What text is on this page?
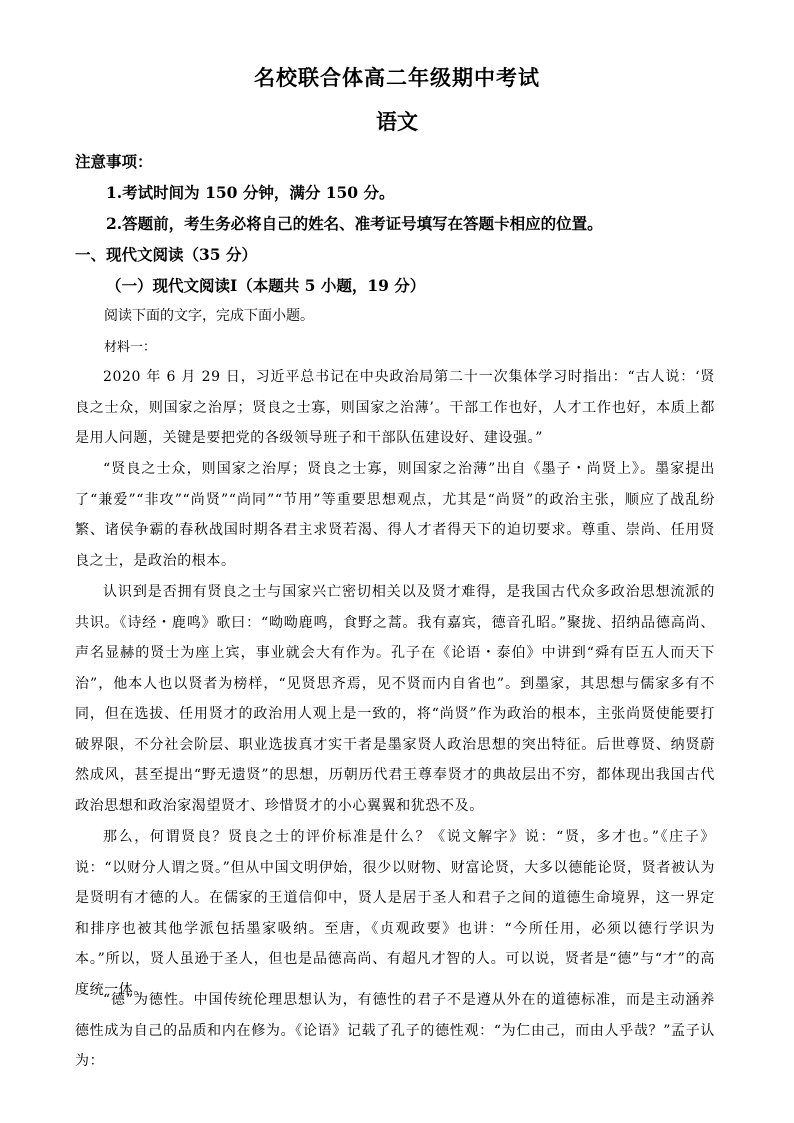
名校联合体高二年级期中考试
语文
注意事项：
1.考试时间为 150 分钟，满分 150 分。
2.答题前，考生务必将自己的姓名、准考证号填写在答题卡相应的位置。
一、现代文阅读（35 分）
（一）现代文阅读Ⅰ（本题共 5 小题，19 分）
阅读下面的文字，完成下面小题。
材料一：
2020 年 6 月 29 日，习近平总书记在中央政治局第二十一次集体学习时指出：“古人说：‘贤良之士众，则国家之治厚；贤良之士寡，则国家之治薄’。干部工作也好，人才工作也好，本质上都是用人问题，关键是要把党的各级领导班子和干部队伍建设好、建设强。”
“贤良之士众，则国家之治厚；贤良之士寡，则国家之治薄”出自《墨子・尚贤上》。墨家提出了“兼爱”“非攻”“尚贤”“尚同”“节用”等重要思想观点，尤其是“尚贤”的政治主张，顺应了战乱纷繁、诸侯争霸的春秋战国时期各君主求贤若渴、得人才者得天下的迫切要求。尊重、崇尚、任用贤良之士，是政治的根本。
认识到是否拥有贤良之士与国家兴亡密切相关以及贤才难得，是我国古代众多政治思想流派的共识。《诗经・鹿鸣》歌曰：“呦呦鹿鸣，食野之蒿。我有嘉宾，德音孔昭。”聚拢、招纳品德高尚、声名显赫的贤士为座上宾，事业就会大有作为。孔子在《论语・泰伯》中讲到“舜有臣五人而天下治”，他本人也以贤者为榜样，“见贤思齐焉，见不贤而内自省也”。到墨家，其思想与儒家多有不同，但在选拔、任用贤才的政治用人观上是一致的，将“尚贤”作为政治的根本，主张尚贤使能要打破界限，不分社会阶层、职业选拔真才实干者是墨家贤人政治思想的突出特征。后世尊贤、纳贤蔚然成风，甚至提出“野无遗贤”的思想，历朝历代君王尊奉贤才的典故层出不穷，都体现出我国古代政治思想和政治家渴望贤才、珍惜贤才的小心翼翼和犹恐不及。
那么，何谓贤良？贤良之士的评价标准是什么？《说文解字》说：“贤，多才也。”《庄子》说：“以财分人谓之贤。”但从中国文明伊始，很少以财物、财富论贤，大多以德能论贤，贤者被认为是贤明有才德的人。在儒家的王道信仰中，贤人是居于圣人和君子之间的道德生命境界，这一界定和排序也被其他学派包括墨家吸纳。至唐，《贞观政要》也讲：“今所任用，必须以德行学识为本。”所以，贤人虽逊于圣人，但也是品德高尚、有超凡才智的人。可以说，贤者是“德”与“才”的高度统一体。
“德”为德性。中国传统伦理思想认为，有德性的君子不是遵从外在的道德标准，而是主动涵养德性成为自己的品质和内在修为。《论语》记载了孔子的德性观：“为仁由己，而由人乎哉？”孟子认为：
